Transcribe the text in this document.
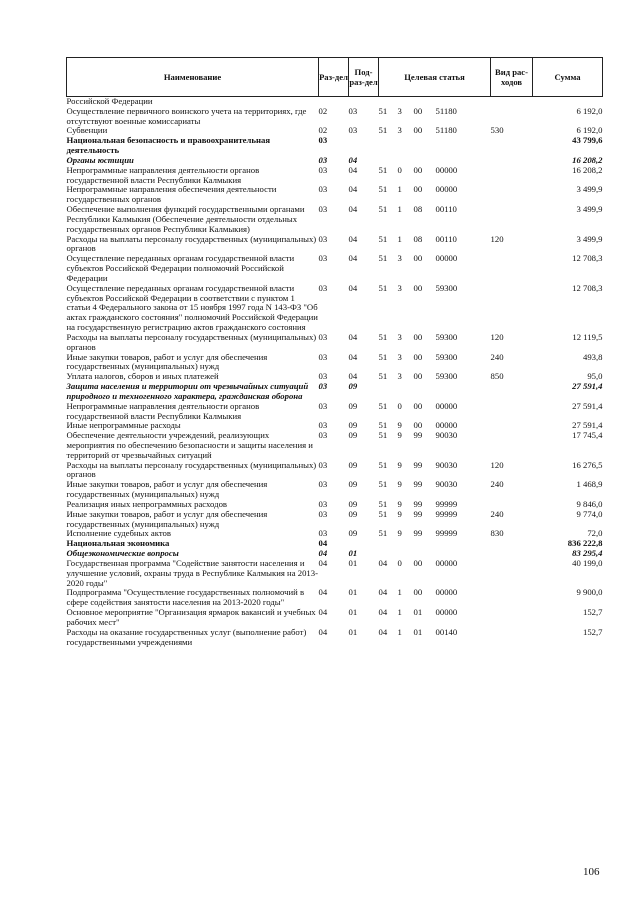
Наименование	Раз-дел	Под-раз-дел	Целевая статья				Вид рас-ходов	Сумма
Российской Федерации								
Осуществление первичного воинского учета на территориях, где отсутствуют военные комиссариаты	02	03	51	3	00	51180		6 192,0
Субвенции	02	03	51	3	00	51180	530	6 192,0
Национальная безопасность и правоохранительная деятельность	03							43 799,6
Органы юстиции	03	04						16 208,2
Непрограммные направления деятельности органов государственной власти Республики Калмыкия	03	04	51	0	00	00000		16 208,2
Непрограммные направления обеспечения деятельности государственных органов	03	04	51	1	00	00000		3 499,9
Обеспечение выполнения функций государственными органами Республики Калмыкия (Обеспечение деятельности отдельных государственных органов Республики Калмыкия)	03	04	51	1	08	00110		3 499,9
Расходы на выплаты персоналу государственных (муниципальных) органов	03	04	51	1	08	00110	120	3 499,9
Осуществление переданных органам государственной власти субъектов Российской Федерации полномочий Российской Федерации	03	04	51	3	00	00000		12 708,3
Осуществление переданных органам государственной власти субъектов Российской Федерации в соответствии с пунктом 1 статьи 4 Федерального закона от 15 ноября 1997 года N 143-ФЗ "Об актах гражданского состояния" полномочий Российской Федерации на государственную регистрацию актов гражданского состояния	03	04	51	3	00	59300		12 708,3
Расходы на выплаты персоналу государственных (муниципальных) органов	03	04	51	3	00	59300	120	12 119,5
Иные закупки товаров, работ и услуг для обеспечения государственных (муниципальных) нужд	03	04	51	3	00	59300	240	493,8
Уплата налогов, сборов и иных платежей	03	04	51	3	00	59300	850	95,0
Защита населения и территории от чрезвычайных ситуаций природного и техногенного характера, гражданская оборона	03	09						27 591,4
Непрограммные направления деятельности органов государственной власти Республики Калмыкия	03	09	51	0	00	00000		27 591,4
Иные непрограммные расходы	03	09	51	9	00	00000		27 591,4
Обеспечение деятельности учреждений, реализующих мероприятия по обеспечению безопасности и защиты населения и территорий от чрезвычайных ситуаций	03	09	51	9	99	90030		17 745,4
Расходы на выплаты персоналу государственных (муниципальных) органов	03	09	51	9	99	90030	120	16 276,5
Иные закупки товаров, работ и услуг для обеспечения государственных (муниципальных) нужд	03	09	51	9	99	90030	240	1 468,9
Реализация иных непрограммных расходов	03	09	51	9	99	99999		9 846,0
Иные закупки товаров, работ и услуг для обеспечения государственных (муниципальных) нужд	03	09	51	9	99	99999	240	9 774,0
Исполнение судебных актов	03	09	51	9	99	99999	830	72,0
Национальная экономика	04							836 222,8
Общеэкономические вопросы	04	01						83 295,4
Государственная программа "Содействие занятости населения и улучшение условий, охраны труда в Республике Калмыкия на 2013-2020 годы"	04	01	04	0	00	00000		40 199,0
Подпрограмма "Осуществление государственных полномочий в сфере содействия занятости населения на 2013-2020 годы"	04	01	04	1	00	00000		9 900,0
Основное мероприятие "Организация ярмарок вакансий и учебных рабочих мест"	04	01	04	1	01	00000		152,7
Расходы на оказание государственных услуг (выполнение работ) государственными учреждениями	04	01	04	1	01	00140		152,7
106
